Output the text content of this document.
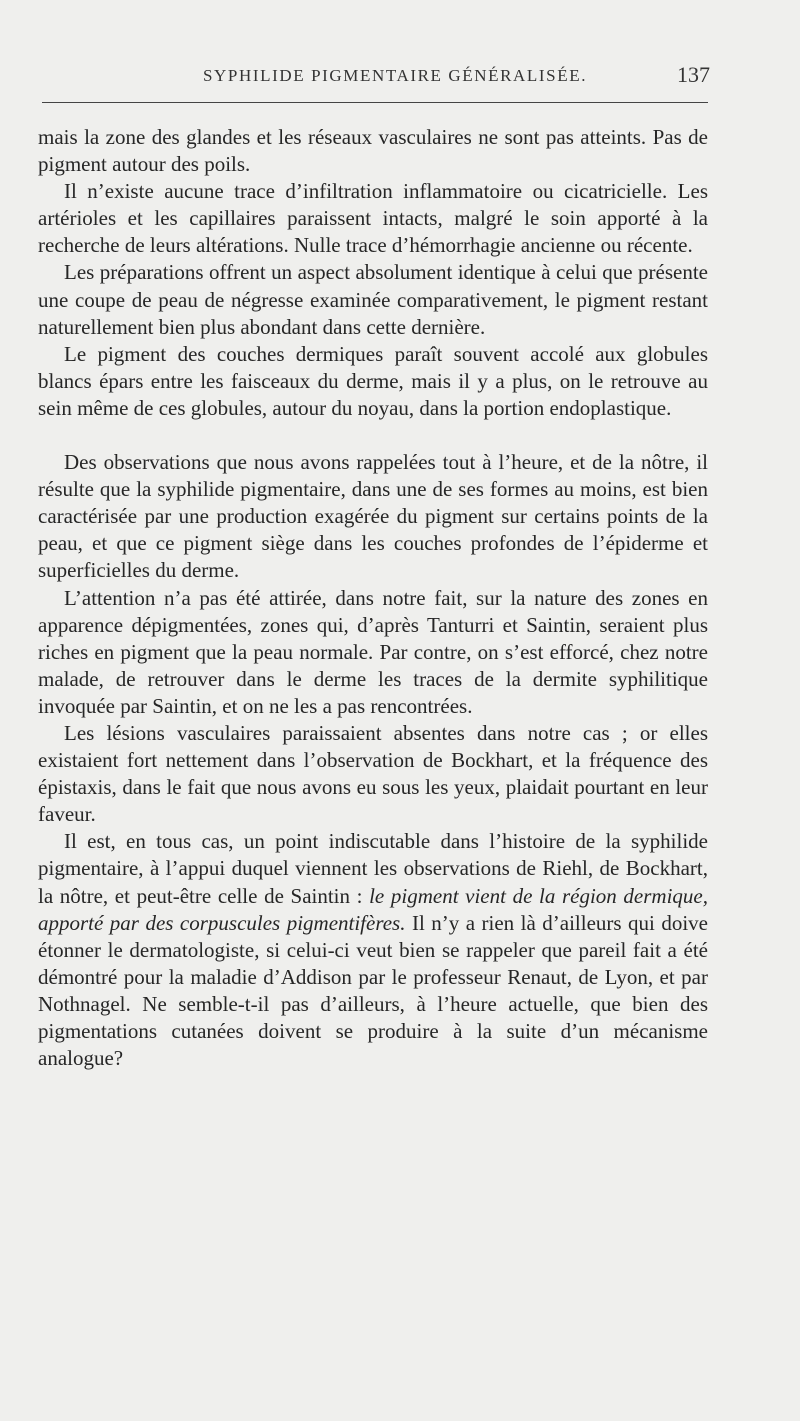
SYPHILIDE PIGMENTAIRE GÉNÉRALISÉE.	137

mais la zone des glandes et les réseaux vasculaires ne sont pas atteints. Pas de pigment autour des poils.

Il n’existe aucune trace d’infiltration inflammatoire ou cicatricielle. Les artérioles et les capillaires paraissent intacts, malgré le soin apporté à la recherche de leurs altérations. Nulle trace d’hémorrhagie ancienne ou récente.

Les préparations offrent un aspect absolument identique à celui que présente une coupe de peau de négresse examinée comparativement, le pigment restant naturellement bien plus abondant dans cette dernière.

Le pigment des couches dermiques paraît souvent accolé aux globules blancs épars entre les faisceaux du derme, mais il y a plus, on le retrouve au sein même de ces globules, autour du noyau, dans la portion endoplastique.

Des observations que nous avons rappelées tout à l’heure, et de la nôtre, il résulte que la syphilide pigmentaire, dans une de ses formes au moins, est bien caractérisée par une production exagérée du pigment sur certains points de la peau, et que ce pigment siège dans les couches profondes de l’épiderme et superficielles du derme.

L’attention n’a pas été attirée, dans notre fait, sur la nature des zones en apparence dépigmentées, zones qui, d’après Tanturri et Saintin, seraient plus riches en pigment que la peau normale. Par contre, on s’est efforcé, chez notre malade, de retrouver dans le derme les traces de la dermite syphilitique invoquée par Saintin, et on ne les a pas rencontrées.

Les lésions vasculaires paraissaient absentes dans notre cas ; or elles existaient fort nettement dans l’observation de Bockhart, et la fréquence des épistaxis, dans le fait que nous avons eu sous les yeux, plaidait pourtant en leur faveur.

Il est, en tous cas, un point indiscutable dans l’histoire de la syphilide pigmentaire, à l’appui duquel viennent les observations de Riehl, de Bockhart, la nôtre, et peut-être celle de Saintin : le pigment vient de la région dermique, apporté par des corpuscules pigmentifères. Il n’y a rien là d’ailleurs qui doive étonner le dermatologiste, si celui-ci veut bien se rappeler que pareil fait a été démontré pour la maladie d’Addison par le professeur Renaut, de Lyon, et par Nothnagel. Ne semble-t-il pas d’ailleurs, à l’heure actuelle, que bien des pigmentations cutanées doivent se produire à la suite d’un mécanisme analogue?
